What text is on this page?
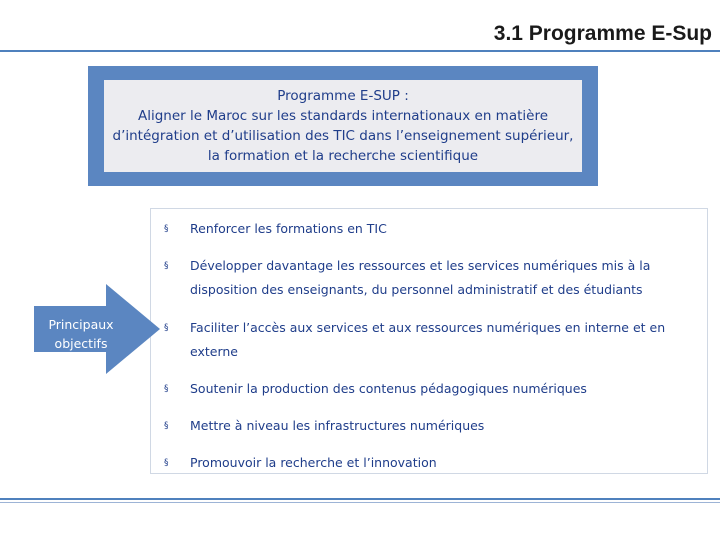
3.1 Programme E-Sup
Programme E-SUP :
Aligner le Maroc sur les standards internationaux en matière d’intégration et d’utilisation des TIC dans l’enseignement supérieur, la formation et la recherche scientifique
§ Renforcer les formations en TIC
§ Développer davantage les ressources et les services numériques mis à la disposition des enseignants, du personnel administratif et des étudiants
§ Faciliter l’accès aux services et aux ressources numériques en interne et en externe
§ Soutenir la production des contenus pédagogiques numériques
§ Mettre à niveau les infrastructures numériques
§ Promouvoir la recherche et l’innovation
Principaux objectifs
